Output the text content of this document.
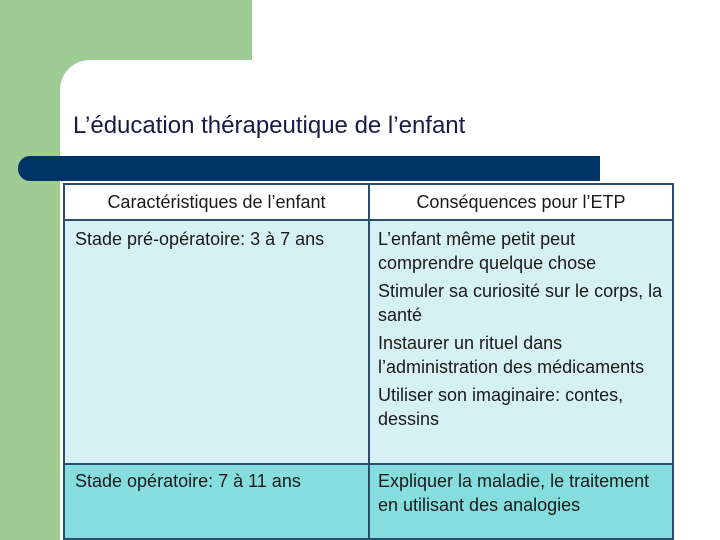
L’éducation thérapeutique de l’enfant
Caractéristiques de l’enfant	Conséquences pour l’ETP
Stade pré-opératoire: 3 à 7 ans	L’enfant même petit peut comprendre quelque chose
Stimuler sa curiosité sur le corps, la santé
Instaurer un rituel dans l’administration des médicaments
Utiliser son imaginaire: contes, dessins

Stade opératoire: 7 à 11 ans	Expliquer la maladie, le traitement en utilisant des analogies
